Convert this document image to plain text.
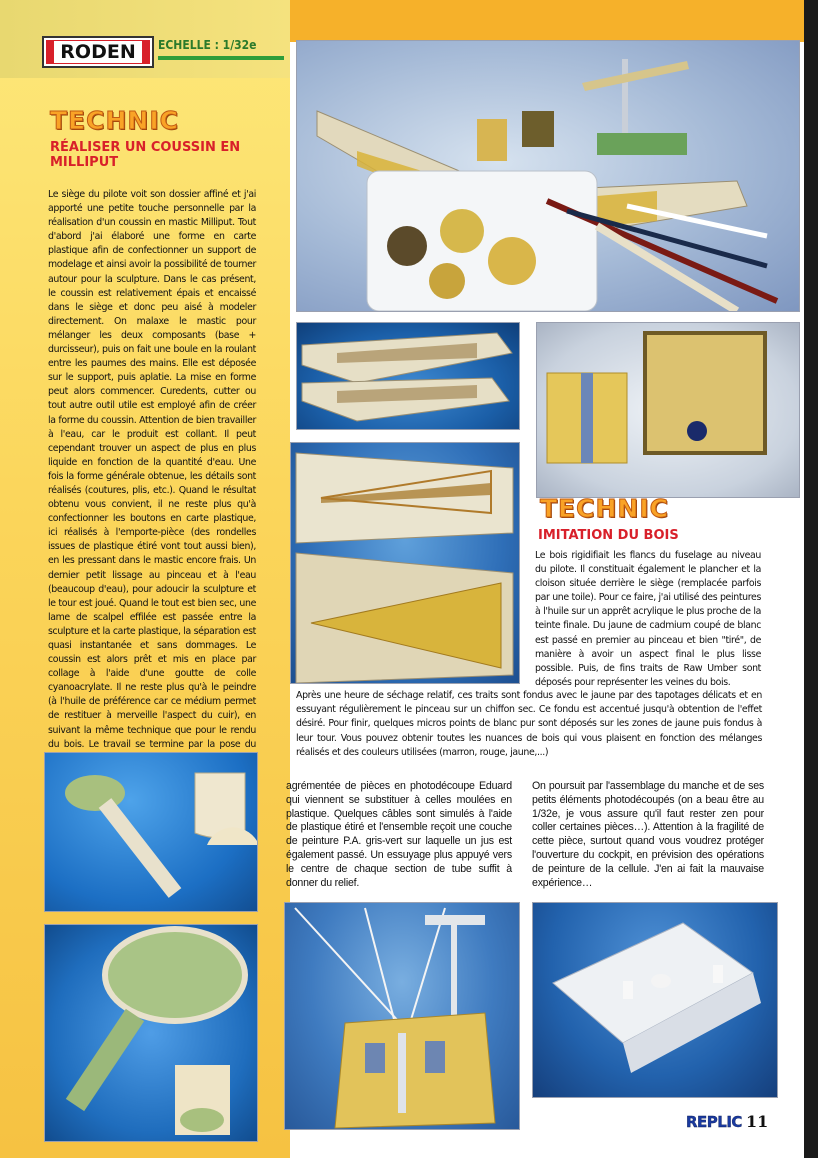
RODEN	ECHELLE : 1/32e
TECHNIC
RÉALISER UN COUSSIN EN MILLIPUT
Le siège du pilote voit son dossier affiné et j'ai apporté une petite touche personnelle par la réalisation d'un coussin en mastic Milliput. Tout d'abord j'ai élaboré une forme en carte plastique afin de confectionner un support de modelage et ainsi avoir la possibilité de tourner autour pour la sculpture. Dans le cas présent, le coussin est relativement épais et encaissé dans le siège et donc peu aisé à modeler directement. On malaxe le mastic pour mélanger les deux composants (base + durcisseur), puis on fait une boule en la roulant entre les paumes des mains. Elle est déposée sur le support, puis aplatie. La mise en forme peut alors commencer. Curedents, cutter ou tout autre outil utile est employé afin de créer la forme du coussin. Attention de bien travailler à l'eau, car le produit est collant. Il peut cependant trouver un aspect de plus en plus liquide en fonction de la quantité d'eau. Une fois la forme générale obtenue, les détails sont réalisés (coutures, plis, etc.). Quand le résultat obtenu vous convient, il ne reste plus qu'à confectionner les boutons en carte plastique, ici réalisés à l'emporte-pièce (des rondelles issues de plastique étiré vont tout aussi bien), en les pressant dans le mastic encore frais. Un dernier petit lissage au pinceau et à l'eau (beaucoup d'eau), pour adoucir la sculpture et le tour est joué. Quand le tout est bien sec, une lame de scalpel effilée est passée entre la sculpture et la carte plastique, la séparation est quasi instantanée et sans dommages. Le coussin est alors prêt et mis en place par collage à l'aide d'une goutte de colle cyanoacrylate. Il ne reste plus qu'à le peindre (à l'huile de préférence car ce médium permet de restituer à merveille l'aspect du cuir), en suivant la même technique que pour le rendu du bois. Le travail se termine par la pose du
TECHNIC
IMITATION DU BOIS
Le bois rigidifiait les flancs du fuselage au niveau du pilote. Il constituait également le plancher et la cloison située derrière le siège (remplacée parfois par une toile). Pour ce faire, j'ai utilisé des peintures à l'huile sur un apprêt acrylique le plus proche de la teinte finale. Du jaune de cadmium coupé de blanc est passé en premier au pinceau et bien "tiré", de manière à avoir un aspect final le plus lisse possible. Puis, de fins traits de Raw Umber sont déposés pour représenter les veines du bois.
Après une heure de séchage relatif, ces traits sont fondus avec le jaune par des tapotages délicats et en essuyant régulièrement le pinceau sur un chiffon sec. Ce fondu est accentué jusqu'à obtention de l'effet désiré. Pour finir, quelques micros points de blanc pur sont déposés sur les zones de jaune puis fondus à leur tour. Vous pouvez obtenir toutes les nuances de bois qui vous plaisent en fonction des mélanges réalisés et des couleurs utilisées (marron, rouge, jaune,...)
agrémentée de pièces en photodécoupe Eduard qui viennent se substituer à celles moulées en plastique. Quelques câbles sont simulés à l'aide de plastique étiré et l'ensemble reçoit une couche de peinture P.A. gris-vert sur laquelle un jus est également passé. Un essuyage plus appuyé vers le centre de chaque section de tube suffit à donner du relief.
On poursuit par l'assemblage du manche et de ses petits éléments photodécoupés (on a beau être au 1/32e, je vous assure qu'il faut rester zen pour coller certaines pièces…). Attention à la fragilité de cette pièce, surtout quand vous voudrez protéger l'ouverture du cockpit, en prévision des opérations de peinture de la cellule. J'en ai fait la mauvaise expérience…
REPLIC 11
